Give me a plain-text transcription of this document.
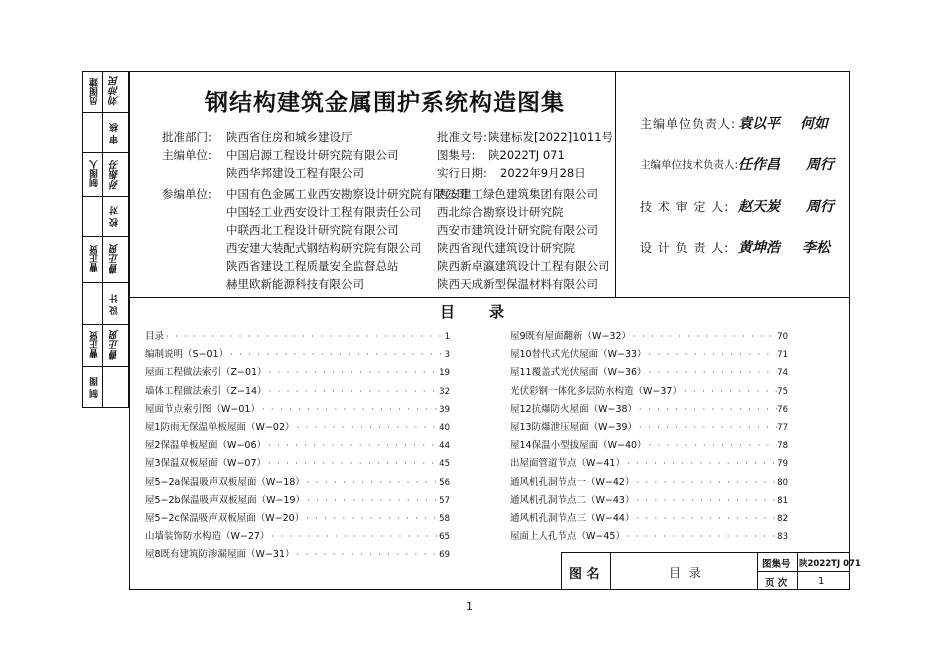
员图建 刘沛民
审 核
制图人 孙振芬
校 对
曹正贤 曹正贤
设 计
曹正贤 曹正贤
制 图
钢结构建筑金属围护系统构造图集
批准部门: 陕西省住房和城乡建设厅
主编单位: 中国启源工程设计研究院有限公司
陕西华邦建设工程有限公司
批准文号: 陕建标发[2022]1011号
图集号: 陕2022TJ 071
实行日期: 2022年9月28日
参编单位: 中国有色金属工业西安勘察设计研究院有限公司
中国轻工业西安设计工程有限责任公司
中联西北工程设计研究院有限公司
西安建大装配式钢结构研究院有限公司
陕西省建设工程质量安全监督总站
赫里欧新能源科技有限公司
西安建工绿色建筑集团有限公司
西北综合勘察设计研究院
西安市建筑设计研究院有限公司
陕西省现代建筑设计研究院
陕西新卓瀛建筑设计工程有限公司
陕西天成新型保温材料有限公司
主编单位负责人: 袁以平 何如
主编单位技术负责人: 任作昌 周行
技 术 审 定 人: 赵天炭 周行
设 计 负 责 人: 黄坤浩 李松
目录
目录 · · ·	1
编制说明（S−01） · · ·	3
屋面工程做法索引（Z−01） · · ·	19
墙体工程做法索引（Z−14） · · ·	32
屋面节点索引图（W−01） · · ·	39
屋1防雨无保温单板屋面（W−02） · · ·	40
屋2保温单板屋面（W−06） · · ·	44
屋3保温双板屋面（W−07） · · ·	45
屋5−2a保温吸声双板屋面（W−18） · · ·	56
屋5−2b保温吸声双板屋面（W−19） · · ·	57
屋5−2c保温吸声双板屋面（W−20） · · ·	58
山墙装饰防水构造（W−27） · · ·	65
屋8既有建筑防渗漏屋面（W−31） · · ·	69
屋9既有屋面翻新（W−32） · · ·	70
屋10替代式光伏屋面（W−33） · · ·	71
屋11覆盖式光伏屋面（W−36） · · ·	74
光伏彩钢一体化多层防水构造（W−37） · · ·	75
屋12抗爆防火屋面（W−38） · · ·	76
屋13防爆泄压屋面（W−39） · · ·	77
屋14保温小型拔屋面（W−40） · · ·	78
出屋面管道节点（W−41） · · ·	79
通风机孔洞节点一（W−42） · · ·	80
通风机孔洞节点二（W−43） · · ·	81
通风机孔洞节点三（W−44） · · ·	82
屋面上人孔节点（W−45） · · ·	83
图 名	目 录
图集号 陕2022TJ 071
页 次	1
1
